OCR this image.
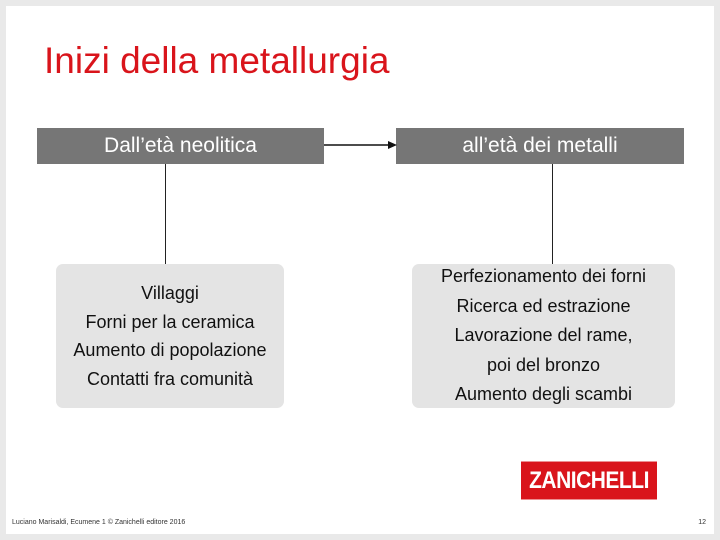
Inizi della metallurgia
Dall’età neolitica	all’età dei metalli
Villaggi
Forni per la ceramica
Aumento di popolazione
Contatti fra comunità
Perfezionamento dei forni
Ricerca ed estrazione
Lavorazione del rame,
poi del bronzo
Aumento degli scambi
ZANICHELLI
Luciano Marisaldi, Ecumene 1 © Zanichelli editore 2016	12
